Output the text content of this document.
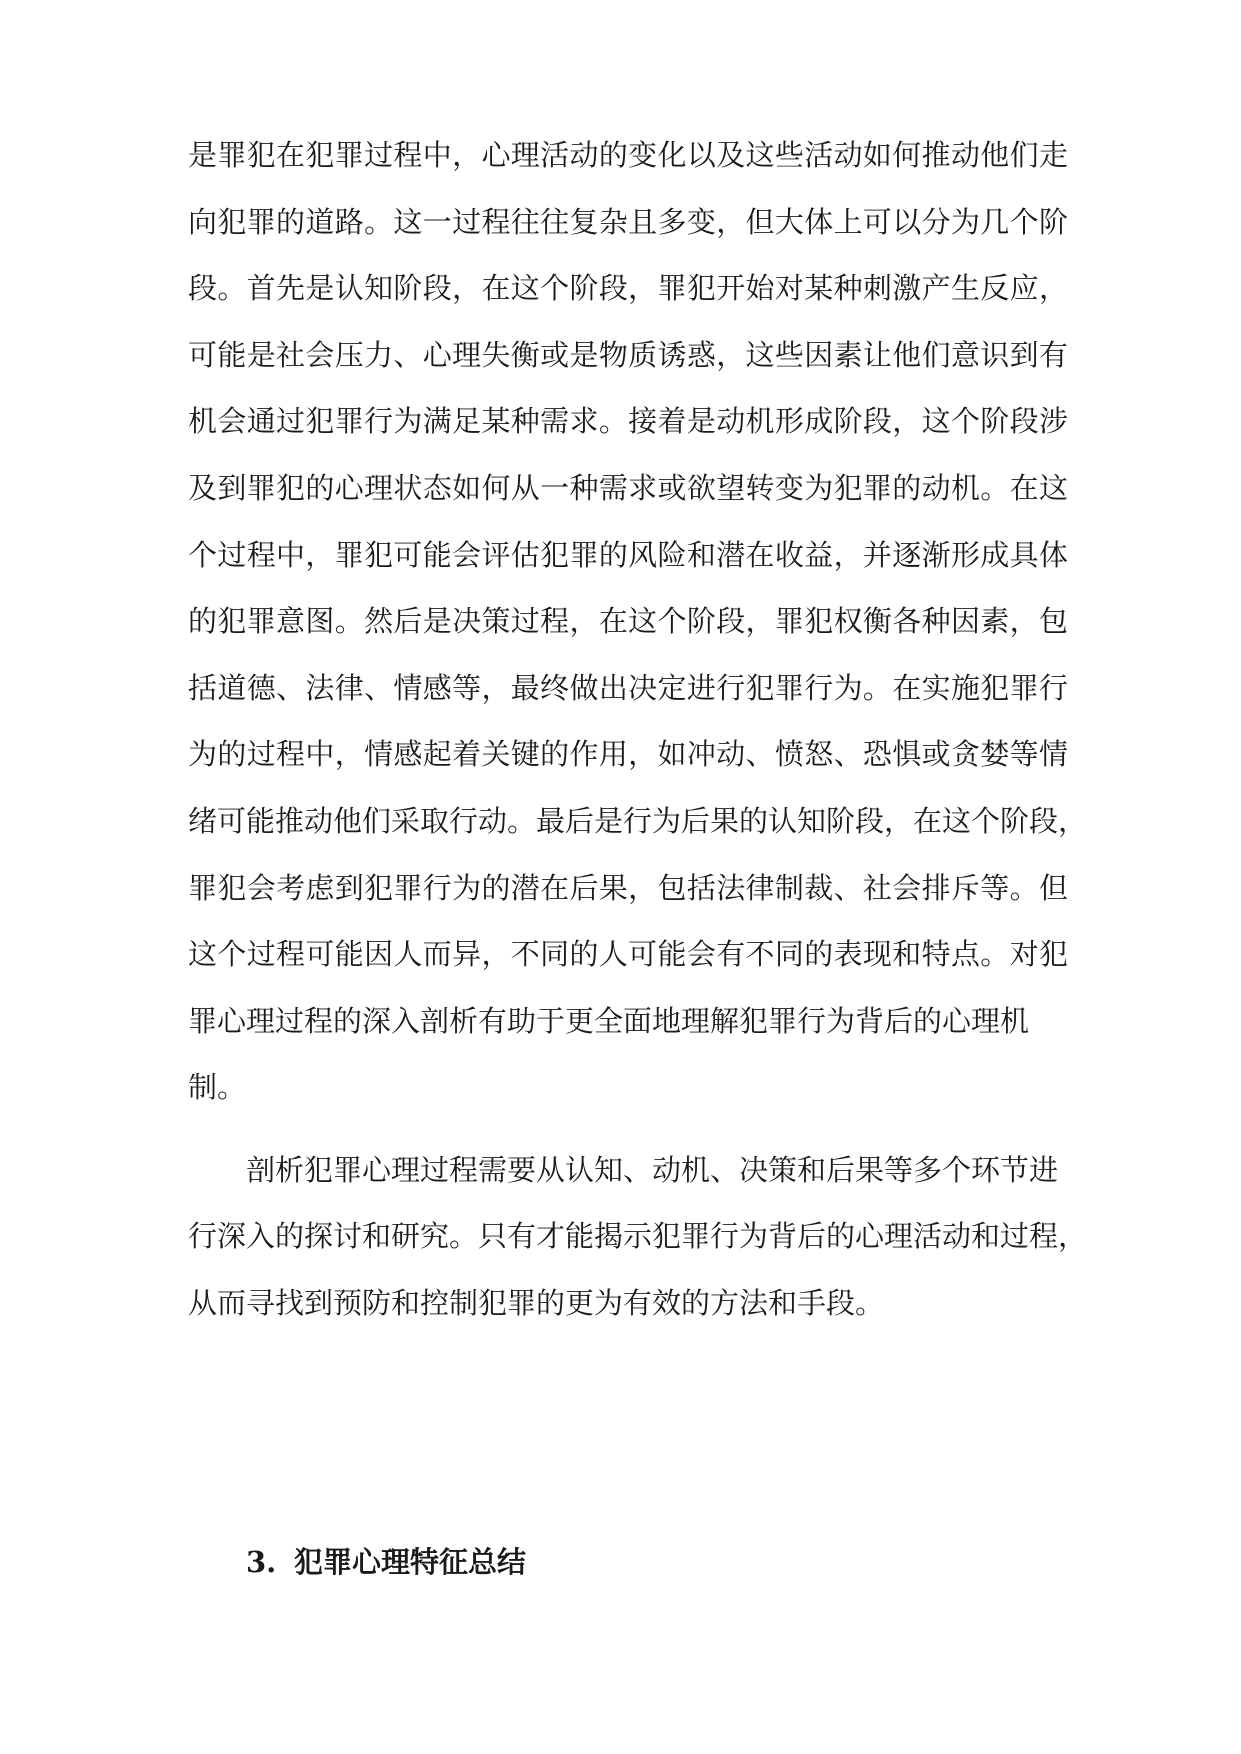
是罪犯在犯罪过程中，心理活动的变化以及这些活动如何推动他们走
向犯罪的道路。这一过程往往复杂且多变，但大体上可以分为几个阶
段。首先是认知阶段，在这个阶段，罪犯开始对某种刺激产生反应，
可能是社会压力、心理失衡或是物质诱惑，这些因素让他们意识到有
机会通过犯罪行为满足某种需求。接着是动机形成阶段，这个阶段涉
及到罪犯的心理状态如何从一种需求或欲望转变为犯罪的动机。在这
个过程中，罪犯可能会评估犯罪的风险和潜在收益，并逐渐形成具体
的犯罪意图。然后是决策过程，在这个阶段，罪犯权衡各种因素，包
括道德、法律、情感等，最终做出决定进行犯罪行为。在实施犯罪行
为的过程中，情感起着关键的作用，如冲动、愤怒、恐惧或贪婪等情
绪可能推动他们采取行动。最后是行为后果的认知阶段，在这个阶段，
罪犯会考虑到犯罪行为的潜在后果，包括法律制裁、社会排斥等。但
这个过程可能因人而异，不同的人可能会有不同的表现和特点。对犯
罪心理过程的深入剖析有助于更全面地理解犯罪行为背后的心理机
制。
剖析犯罪心理过程需要从认知、动机、决策和后果等多个环节进
行深入的探讨和研究。只有才能揭示犯罪行为背后的心理活动和过程，
从而寻找到预防和控制犯罪的更为有效的方法和手段。
3. 犯罪心理特征总结
